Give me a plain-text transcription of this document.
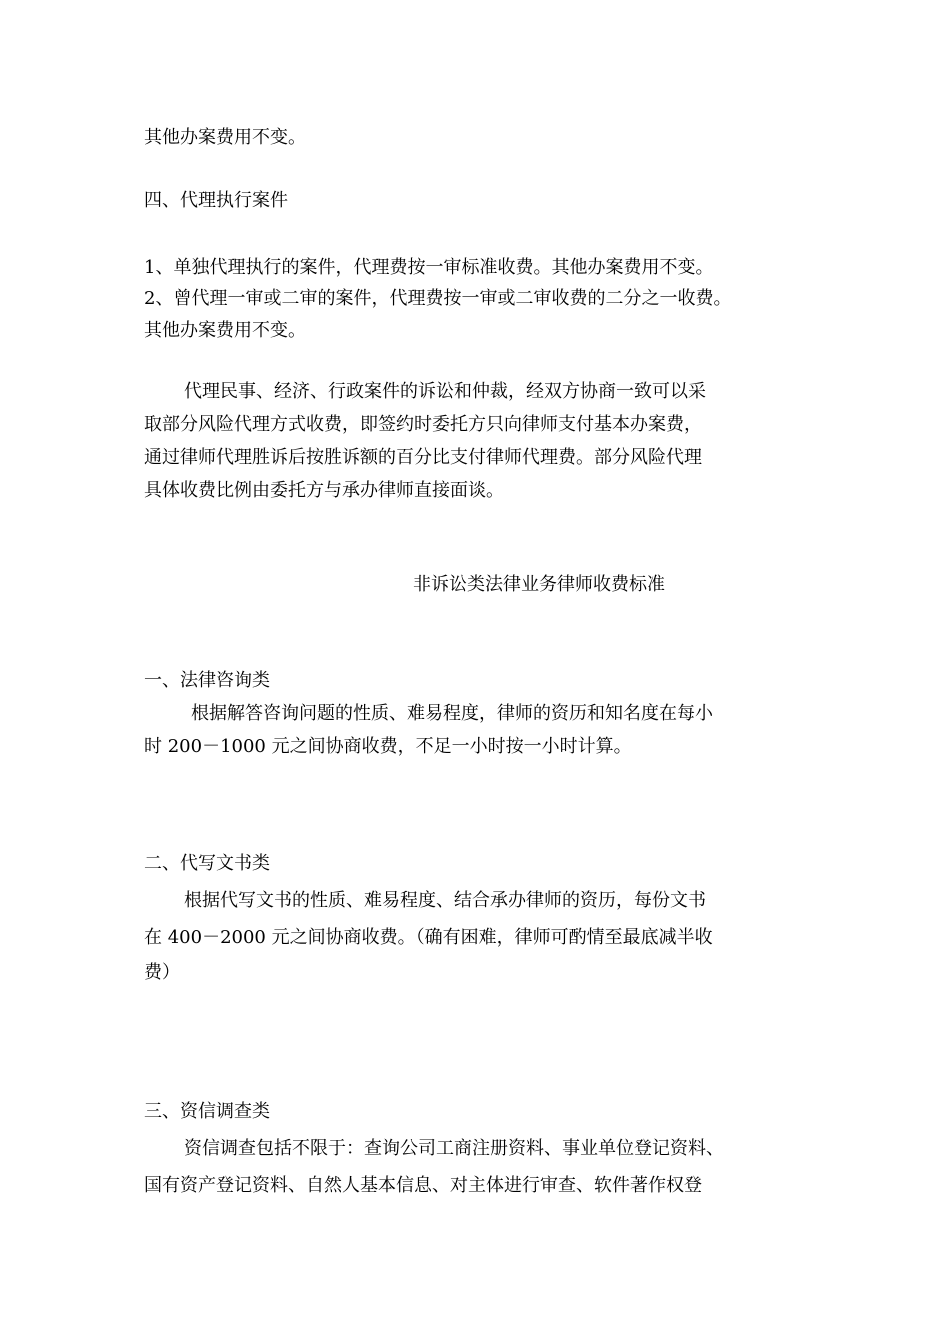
其他办案费用不变。
四、代理执行案件
1、单独代理执行的案件，代理费按一审标准收费。其他办案费用不变。
2、曾代理一审或二审的案件，代理费按一审或二审收费的二分之一收费。
其他办案费用不变。
代理民事、经济、行政案件的诉讼和仲裁，经双方协商一致可以采
取部分风险代理方式收费，即签约时委托方只向律师支付基本办案费，
通过律师代理胜诉后按胜诉额的百分比支付律师代理费。部分风险代理
具体收费比例由委托方与承办律师直接面谈。
非诉讼类法律业务律师收费标准
一、法律咨询类
根据解答咨询问题的性质、难易程度，律师的资历和知名度在每小
时 200－1000 元之间协商收费，不足一小时按一小时计算。
二、代写文书类
根据代写文书的性质、难易程度、结合承办律师的资历，每份文书
在 400－2000 元之间协商收费。（确有困难，律师可酌情至最底减半收
费）
三、资信调查类
资信调查包括不限于：查询公司工商注册资料、事业单位登记资料、
国有资产登记资料、自然人基本信息、对主体进行审查、软件著作权登
